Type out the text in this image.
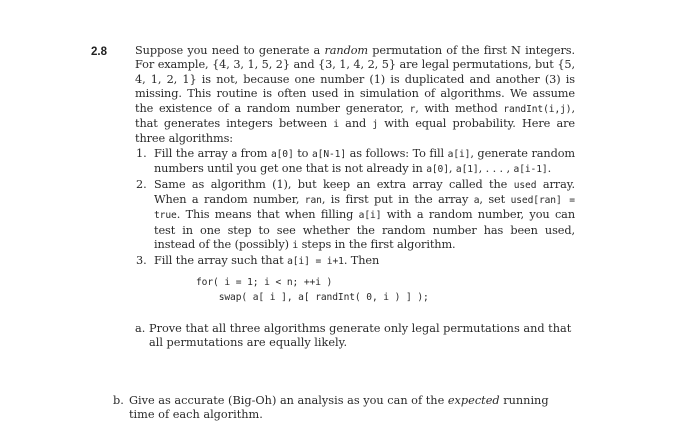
2.8 Suppose you need to generate a random permutation of the first N integers. For example, {4, 3, 1, 5, 2} and {3, 1, 4, 2, 5} are legal permutations, but {5, 4, 1, 2, 1} is not, because one number (1) is duplicated and another (3) is missing. This routine is often used in simulation of algorithms. We assume the existence of a random number generator, r, with method randInt(i,j), that generates integers between i and j with equal probability. Here are three algorithms:

1. Fill the array a from a[0] to a[N-1] as follows: To fill a[i], generate random numbers until you get one that is not already in a[0], a[1], . . . , a[i-1].
2. Same as algorithm (1), but keep an extra array called the used array. When a random number, ran, is first put in the array a, set used[ran] = true. This means that when filling a[i] with a random number, you can test in one step to see whether the random number has been used, instead of the (possibly) i steps in the first algorithm.
3. Fill the array such that a[i] = i+1. Then
for( i = 1; i < n; ++i )
swap( a[ i ], a[ randInt( 0, i ) ] );
a. Prove that all three algorithms generate only legal permutations and that all permutations are equally likely.
b. Give as accurate (Big-Oh) an analysis as you can of the expected running time of each algorithm.
